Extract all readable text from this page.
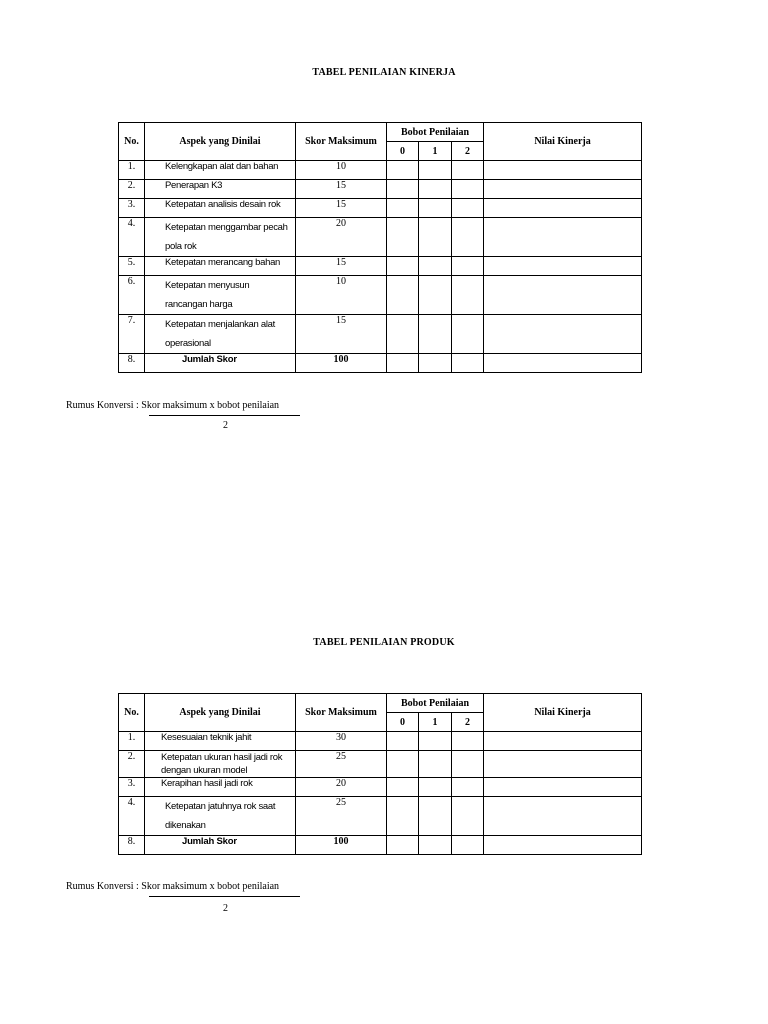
TABEL PENILAIAN KINERJA
No.	Aspek yang Dinilai	Skor Maksimum	Bobot Penilaian			Nilai Kinerja
			0	1	2	
1.	Kelengkapan alat dan bahan	10				
2.	Penerapan K3	15				
3.	Ketepatan analisis desain rok	15				
4.	Ketepatan menggambar pecah
pola rok	20				
5.	Ketepatan merancang bahan	15				
6.	Ketepatan menyusun
rancangan harga	10				
7.	Ketepatan menjalankan alat
operasional	15				
8.	Jumlah Skor	100				
Rumus Konversi : Skor maksimum x bobot penilaian
2
TABEL PENILAIAN PRODUK
No.	Aspek yang Dinilai	Skor Maksimum	Bobot Penilaian			Nilai Kinerja
			0	1	2	
1.	Kesesuaian teknik jahit	30				
2.	Ketepatan ukuran hasil jadi rok
dengan ukuran model	25				
3.	Kerapihan hasil jadi rok	20				
4.	Ketepatan jatuhnya rok saat
dikenakan	25				
8.	Jumlah Skor	100				
Rumus Konversi : Skor maksimum x bobot penilaian
2
